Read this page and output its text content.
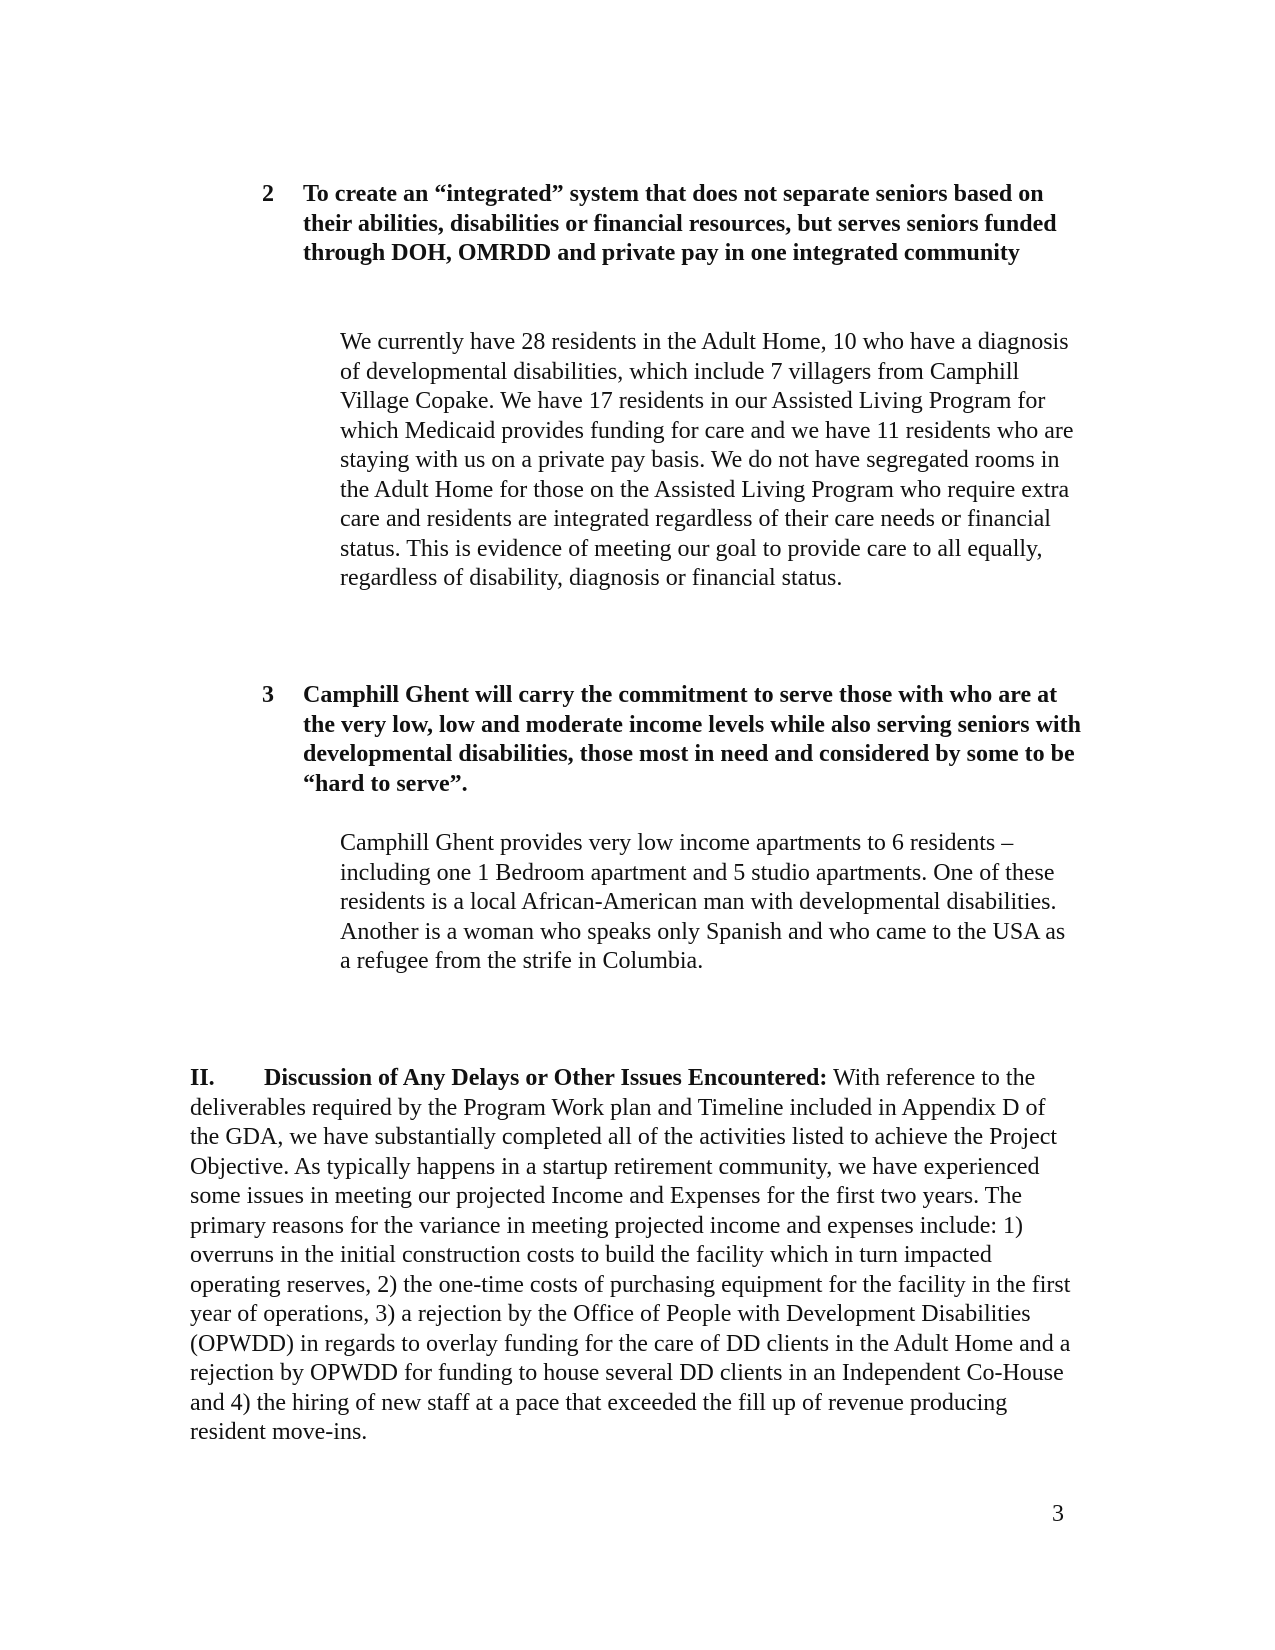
2 To create an “integrated” system that does not separate seniors based on their abilities, disabilities or financial resources, but serves seniors funded through DOH, OMRDD and private pay in one integrated community

We currently have 28 residents in the Adult Home, 10 who have a diagnosis of developmental disabilities, which include 7 villagers from Camphill Village Copake. We have 17 residents in our Assisted Living Program for which Medicaid provides funding for care and we have 11 residents who are staying with us on a private pay basis. We do not have segregated rooms in the Adult Home for those on the Assisted Living Program who require extra care and residents are integrated regardless of their care needs or financial status. This is evidence of meeting our goal to provide care to all equally, regardless of disability, diagnosis or financial status.

3 Camphill Ghent will carry the commitment to serve those with who are at the very low, low and moderate income levels while also serving seniors with developmental disabilities, those most in need and considered by some to be “hard to serve”.

Camphill Ghent provides very low income apartments to 6 residents – including one 1 Bedroom apartment and 5 studio apartments. One of these residents is a local African-American man with developmental disabilities. Another is a woman who speaks only Spanish and who came to the USA as a refugee from the strife in Columbia.

II. Discussion of Any Delays or Other Issues Encountered: With reference to the deliverables required by the Program Work plan and Timeline included in Appendix D of the GDA, we have substantially completed all of the activities listed to achieve the Project Objective. As typically happens in a startup retirement community, we have experienced some issues in meeting our projected Income and Expenses for the first two years. The primary reasons for the variance in meeting projected income and expenses include: 1) overruns in the initial construction costs to build the facility which in turn impacted operating reserves, 2) the one-time costs of purchasing equipment for the facility in the first year of operations, 3) a rejection by the Office of People with Development Disabilities (OPWDD) in regards to overlay funding for the care of DD clients in the Adult Home and a rejection by OPWDD for funding to house several DD clients in an Independent Co-House and 4) the hiring of new staff at a pace that exceeded the fill up of revenue producing resident move-ins.

3
